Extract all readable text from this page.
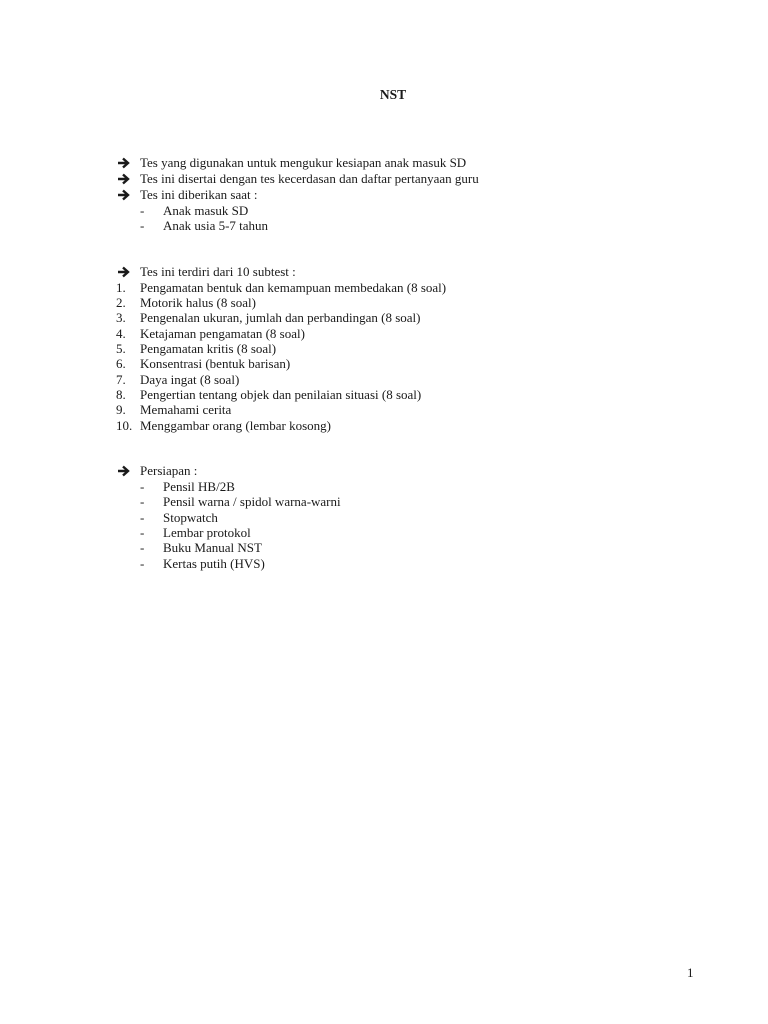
NST
Tes yang digunakan untuk mengukur kesiapan anak masuk SD
Tes ini disertai dengan tes kecerdasan dan daftar pertanyaan guru
Tes ini diberikan saat :
- Anak masuk SD
- Anak usia 5-7 tahun
Tes ini terdiri dari 10 subtest :
1. Pengamatan bentuk dan kemampuan membedakan (8 soal)
2. Motorik halus (8 soal)
3. Pengenalan ukuran, jumlah dan perbandingan (8 soal)
4. Ketajaman pengamatan (8 soal)
5. Pengamatan kritis (8 soal)
6. Konsentrasi (bentuk barisan)
7. Daya ingat (8 soal)
8. Pengertian tentang objek dan penilaian situasi (8 soal)
9. Memahami cerita
10. Menggambar orang (lembar kosong)
Persiapan :
- Pensil HB/2B
- Pensil warna / spidol warna-warni
- Stopwatch
- Lembar protokol
- Buku Manual NST
- Kertas putih (HVS)
1
